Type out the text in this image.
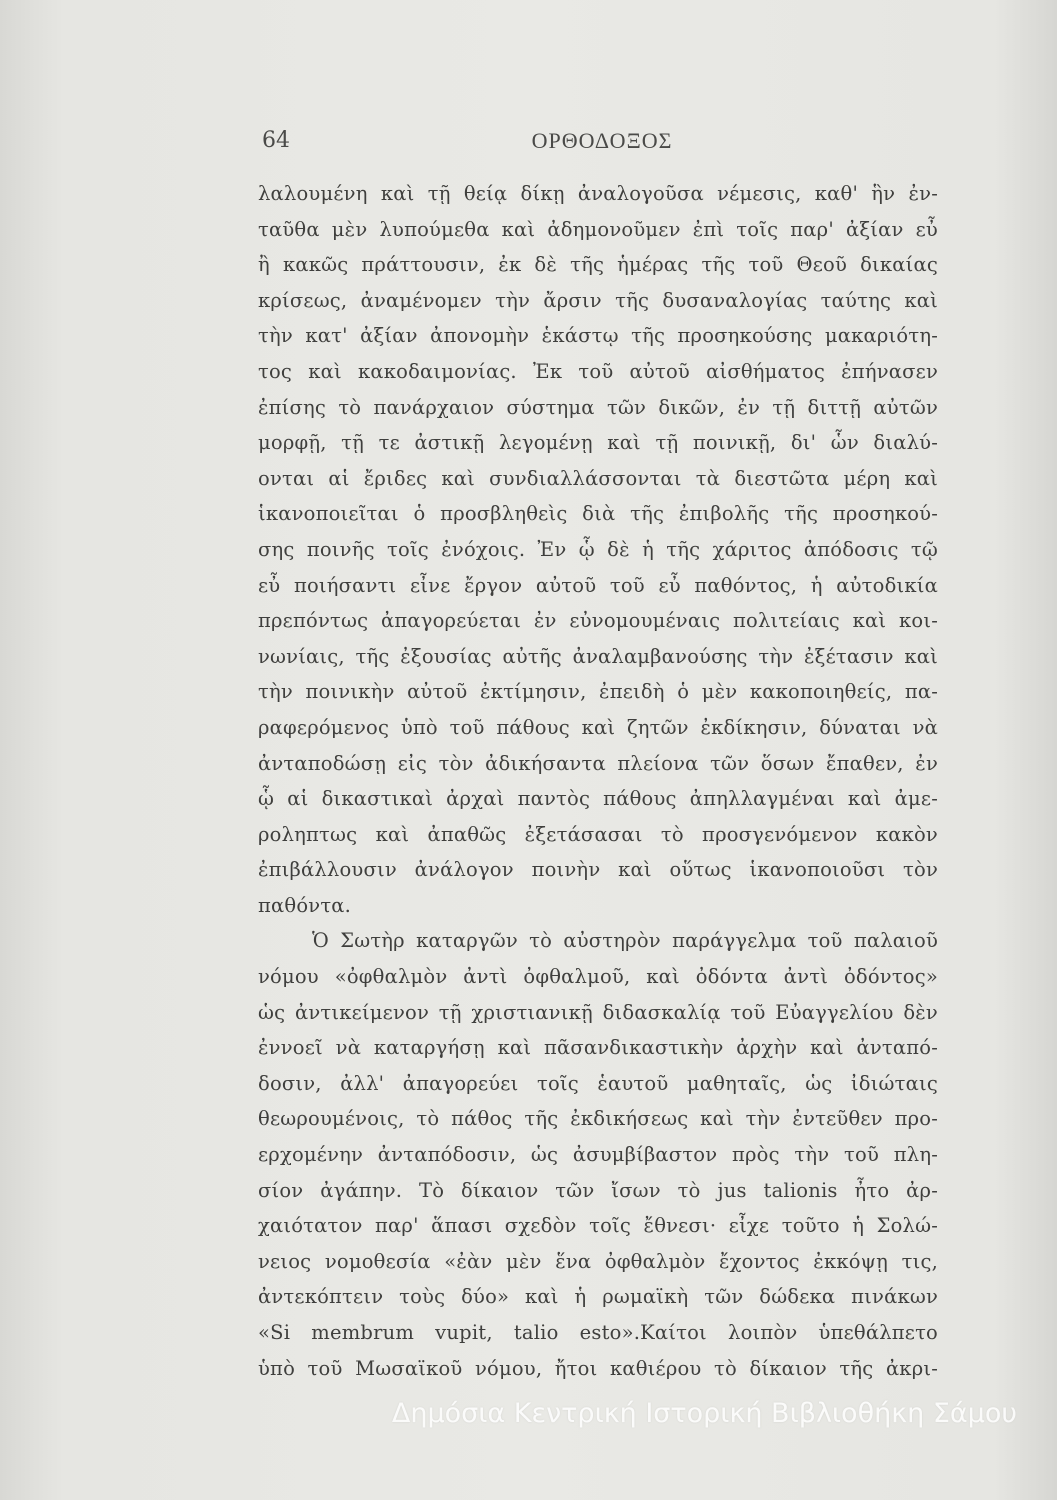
64	ΟΡΘΟΔΟΞΟΣ
λαλουμένη καὶ τῇ θείᾳ δίκῃ ἀναλογοῦσα νέμεσις, καθ' ἣν ἐν-
ταῦθα μὲν λυπούμεθα καὶ ἀδημονοῦμεν ἐπὶ τοῖς παρ' ἀξίαν εὖ
ἢ κακῶς πράττουσιν, ἐκ δὲ τῆς ἡμέρας τῆς τοῦ Θεοῦ δικαίας
κρίσεως, ἀναμένομεν τὴν ἄρσιν τῆς δυσαναλογίας ταύτης καὶ
τὴν κατ' ἀξίαν ἀπονομὴν ἑκάστῳ τῆς προσηκούσης μακαριότη-
τος καὶ κακοδαιμονίας. Ἐκ τοῦ αὐτοῦ αἰσθήματος ἐπήνασεν
ἐπίσης τὸ πανάρχαιον σύστημα τῶν δικῶν, ἐν τῇ διττῇ αὐτῶν
μορφῇ, τῇ τε ἀστικῇ λεγομένῃ καὶ τῇ ποινικῇ, δι' ὧν διαλύ-
ονται αἱ ἔριδες καὶ συνδιαλλάσσονται τὰ διεστῶτα μέρη καὶ
ἱκανοποιεῖται ὁ προσβληθεὶς διὰ τῆς ἐπιβολῆς τῆς προσηκού-
σης ποινῆς τοῖς ἐνόχοις. Ἐν ᾧ δὲ ἡ τῆς χάριτος ἀπόδοσις τῷ
εὖ ποιήσαντι εἶνε ἔργον αὐτοῦ τοῦ εὖ παθόντος, ἡ αὐτοδικία
πρεπόντως ἀπαγορεύεται ἐν εὐνομουμέναις πολιτείαις καὶ κοι-
νωνίαις, τῆς ἐξουσίας αὐτῆς ἀναλαμβανούσης τὴν ἐξέτασιν καὶ
τὴν ποινικὴν αὐτοῦ ἐκτίμησιν, ἐπειδὴ ὁ μὲν κακοποιηθείς, πα-
ραφερόμενος ὑπὸ τοῦ πάθους καὶ ζητῶν ἐκδίκησιν, δύναται νὰ
ἀνταποδώσῃ εἰς τὸν ἀδικήσαντα πλείονα τῶν ὅσων ἔπαθεν, ἐν
ᾧ αἱ δικαστικαὶ ἀρχαὶ παντὸς πάθους ἀπηλλαγμέναι καὶ ἀμε-
ροληπτως καὶ ἀπαθῶς ἐξετάσασαι τὸ προσγενόμενον κακὸν
ἐπιβάλλουσιν ἀνάλογον ποινὴν καὶ οὕτως ἱκανοποιοῦσι τὸν
παθόντα.
Ὁ Σωτὴρ καταργῶν τὸ αὐστηρὸν παράγγελμα τοῦ παλαιοῦ
νόμου «ὀφθαλμὸν ἀντὶ ὀφθαλμοῦ, καὶ ὀδόντα ἀντὶ ὀδόντος»
ὡς ἀντικείμενον τῇ χριστιανικῇ διδασκαλίᾳ τοῦ Εὐαγγελίου δὲν
ἐννοεῖ νὰ καταργήσῃ καὶ πᾶσανδικαστικὴν ἀρχὴν καὶ ἀνταπό-
δοσιν, ἀλλ' ἀπαγορεύει τοῖς ἑαυτοῦ μαθηταῖς, ὡς ἰδιώταις
θεωρουμένοις, τὸ πάθος τῆς ἐκδικήσεως καὶ τὴν ἐντεῦθεν προ-
ερχομένην ἀνταπόδοσιν, ὡς ἀσυμβίβαστον πρὸς τὴν τοῦ πλη-
σίον ἀγάπην. Τὸ δίκαιον τῶν ἴσων τὸ jus talionis ἦτο ἀρ-
χαιότατον παρ' ἅπασι σχεδὸν τοῖς ἔθνεσι· εἶχε τοῦτο ἡ Σολώ-
νειος νομοθεσία «ἐὰν μὲν ἕνα ὀφθαλμὸν ἔχοντος ἐκκόψῃ τις,
ἀντεκόπτειν τοὺς δύο» καὶ ἡ ρωμαϊκὴ τῶν δώδεκα πινάκων
«Si membrum vupit, talio esto».Καίτοι λοιπὸν ὑπεθάλπετο
ὑπὸ τοῦ Μωσαϊκοῦ νόμου, ἤτοι καθιέρου τὸ δίκαιον τῆς ἀκρι-
Δημόσια Κεντρική Ιστορική Βιβλιοθήκη Σάμου
